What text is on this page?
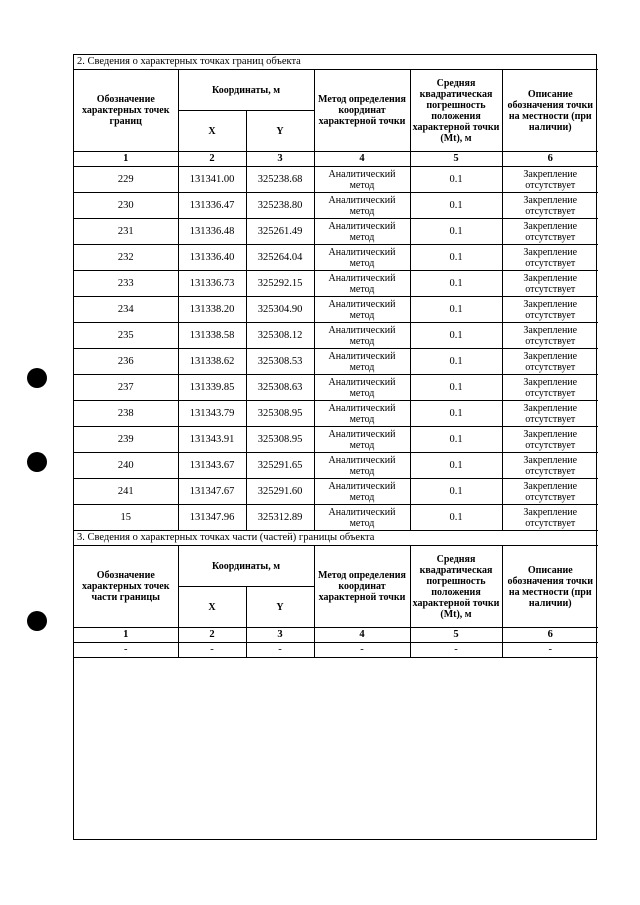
2. Сведения о характерных точках границ объекта					
Обозначение характерных точек границ	Координаты, м		Метод определения координат характерной точки	Средняя квадратическая погрешность положения характерной точки (Mt), м	Описание обозначения точки на местности (при наличии)
	X	Y			
1	2	3	4	5	6
229	131341.00	325238.68	Аналитический метод	0.1	Закрепление отсутствует
230	131336.47	325238.80	Аналитический метод	0.1	Закрепление отсутствует
231	131336.48	325261.49	Аналитический метод	0.1	Закрепление отсутствует
232	131336.40	325264.04	Аналитический метод	0.1	Закрепление отсутствует
233	131336.73	325292.15	Аналитический метод	0.1	Закрепление отсутствует
234	131338.20	325304.90	Аналитический метод	0.1	Закрепление отсутствует
235	131338.58	325308.12	Аналитический метод	0.1	Закрепление отсутствует
236	131338.62	325308.53	Аналитический метод	0.1	Закрепление отсутствует
237	131339.85	325308.63	Аналитический метод	0.1	Закрепление отсутствует
238	131343.79	325308.95	Аналитический метод	0.1	Закрепление отсутствует
239	131343.91	325308.95	Аналитический метод	0.1	Закрепление отсутствует
240	131343.67	325291.65	Аналитический метод	0.1	Закрепление отсутствует
241	131347.67	325291.60	Аналитический метод	0.1	Закрепление отсутствует
15	131347.96	325312.89	Аналитический метод	0.1	Закрепление отсутствует
3. Сведения о характерных точках части (частей) границы объекта					
Обозначение характерных точек части границы	Координаты, м		Метод определения координат характерной точки	Средняя квадратическая погрешность положения характерной точки (Mt), м	Описание обозначения точки на местности (при наличии)
	X	Y			
1	2	3	4	5	6
-	-	-	-	-	-
